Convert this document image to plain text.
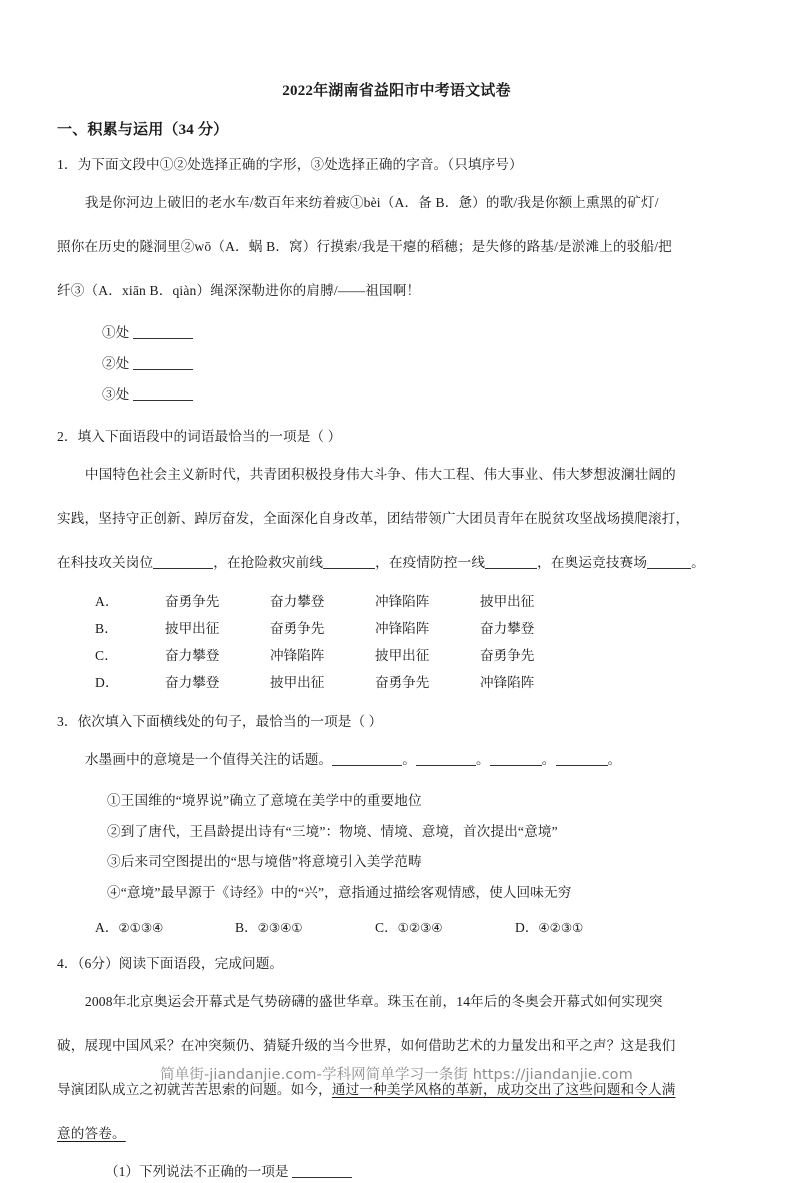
2022年湖南省益阳市中考语文试卷
一、积累与运用（34 分）
1．为下面文段中①②处选择正确的字形，③处选择正确的字音。（只填序号）
我是你河边上破旧的老水车/数百年来纺着疲①bèi（A．备 B．惫）的歌/我是你额上熏黑的矿灯/
照你在历史的隧洞里②wō（A．蜗 B．窝）行摸索/我是干瘪的稻穗；是失修的路基/是淤滩上的驳船/把
纤③（A．xiān B．qiàn）绳深深勒进你的肩膊/——祖国啊！
①处
②处
③处
2．填入下面语段中的词语最恰当的一项是（ ）
中国特色社会主义新时代，共青团积极投身伟大斗争、伟大工程、伟大事业、伟大梦想波澜壮阔的
实践，坚持守正创新、踔厉奋发，全面深化自身改革，团结带领广大团员青年在脱贫攻坚战场摸爬滚打，
在科技攻关岗位	，在抢险救灾前线	，在疫情防控一线	，在奥运竞技赛场	。
A．	奋勇争先	奋力攀登	冲锋陷阵	披甲出征
B．	披甲出征	奋勇争先	冲锋陷阵	奋力攀登
C．	奋力攀登	冲锋陷阵	披甲出征	奋勇争先
D．	奋力攀登	披甲出征	奋勇争先	冲锋陷阵
3．依次填入下面横线处的句子，最恰当的一项是（ ）
水墨画中的意境是一个值得关注的话题。	。	。	。	。
①王国维的“境界说”确立了意境在美学中的重要地位
②到了唐代，王昌龄提出诗有“三境”：物境、情境、意境，首次提出“意境”
③后来司空图提出的“思与境偕”将意境引入美学范畴
④“意境”最早源于《诗经》中的“兴”，意指通过描绘客观情感，使人回味无穷
A．②①③④	B．②③④①	C．①②③④	D．④②③①
4．（6分）阅读下面语段，完成问题。
2008年北京奥运会开幕式是气势磅礴的盛世华章。珠玉在前，14年后的冬奥会开幕式如何实现突
破，展现中国风采？在冲突频仍、猜疑升级的当今世界，如何借助艺术的力量发出和平之声？这是我们
导演团队成立之初就苦苦思索的问题。如今，通过一种美学风格的革新，成功交出了这些问题和令人满
意的答卷。
（1）下列说法不正确的一项是
简单街-jiandanjie.com-学科网简单学习一条街 https://jiandanjie.com
